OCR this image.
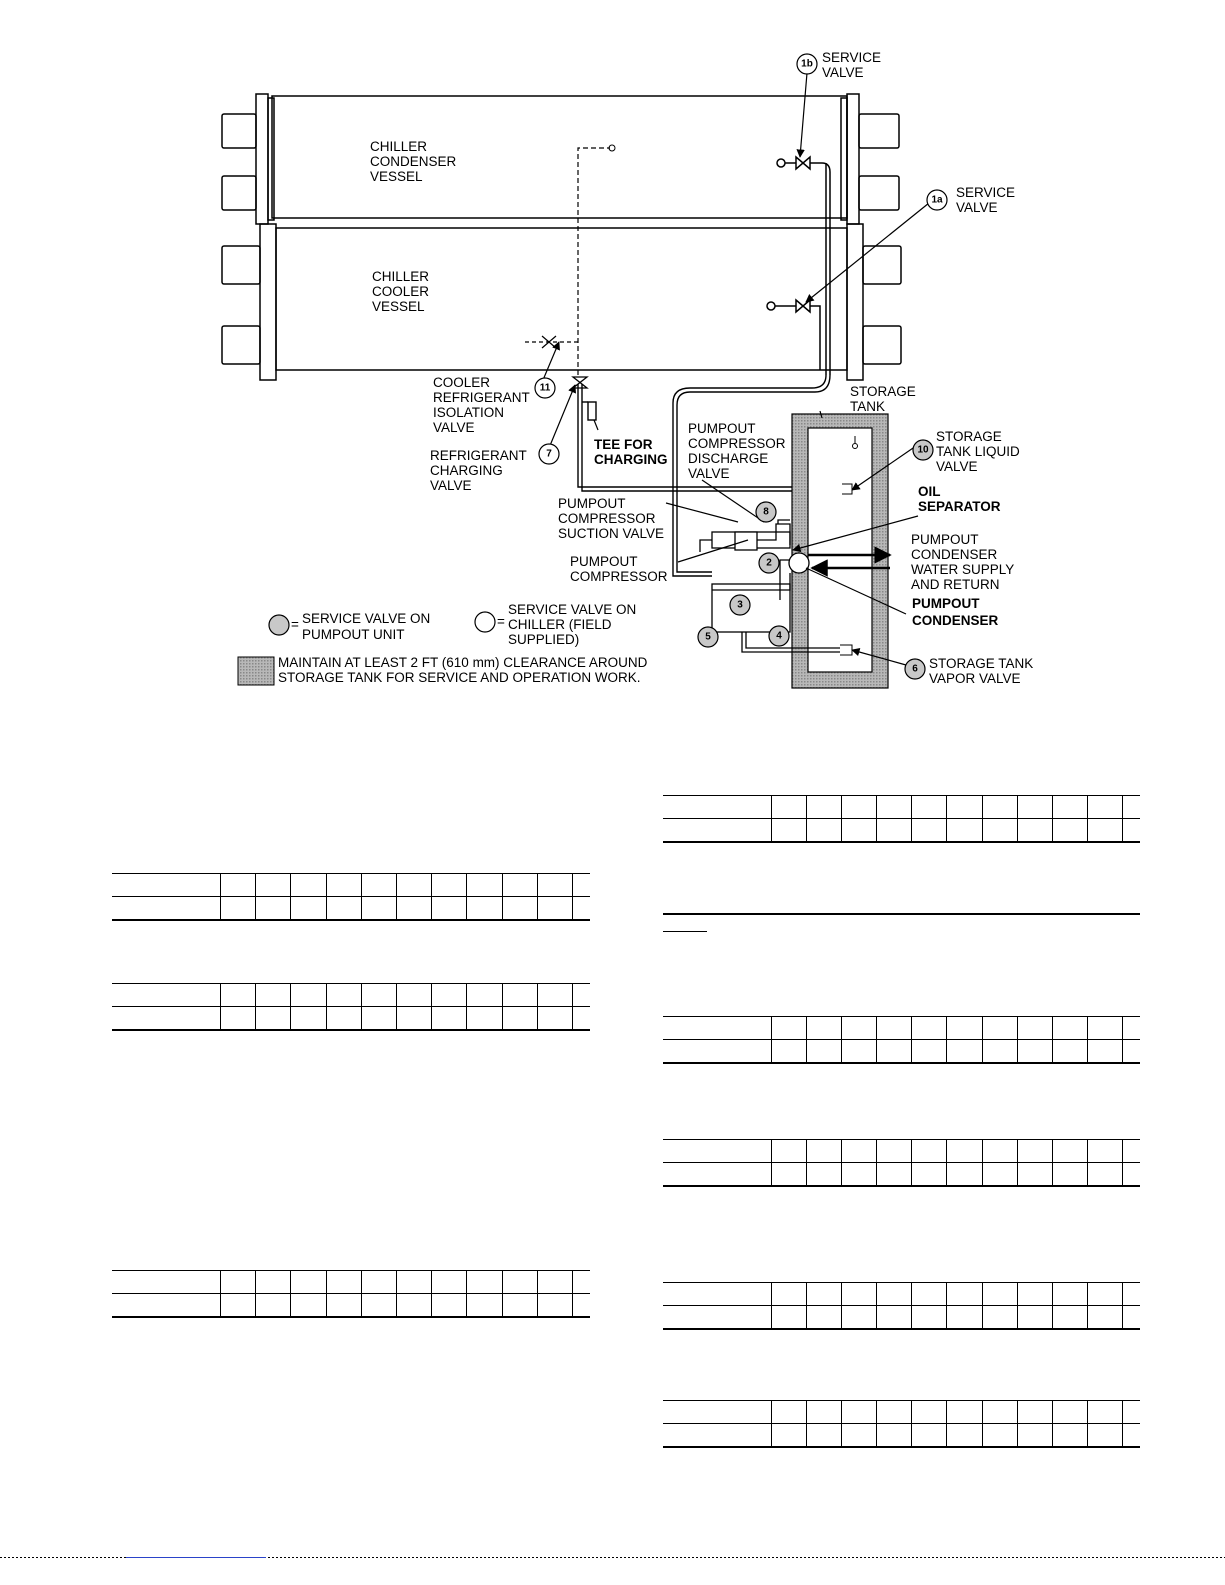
1b
1a
11
7	10
8
2
3
5	4
6
SERVICE VALVE
SERVICE VALVE
CHILLER CONDENSER VESSEL
CHILLER COOLER VESSEL
COOLER REFRIGERANT ISOLATION VALVE
REFRIGERANT CHARGING VALVE
TEE FOR CHARGING
STORAGE TANK
PUMPOUT COMPRESSOR DISCHARGE VALVE
STORAGE TANK LIQUID VALVE
OIL SEPARATOR
PUMPOUT COMPRESSOR SUCTION VALVE
PUMPOUT COMPRESSOR
PUMPOUT CONDENSER WATER SUPPLY AND RETURN
PUMPOUT CONDENSER
STORAGE TANK VAPOR VALVE
= SERVICE VALVE ON PUMPOUT UNIT
=
SERVICE VALVE ON CHILLER (FIELD SUPPLIED)
MAINTAIN AT LEAST 2 FT (610 mm) CLEARANCE AROUND STORAGE TANK FOR SERVICE AND OPERATION WORK.
